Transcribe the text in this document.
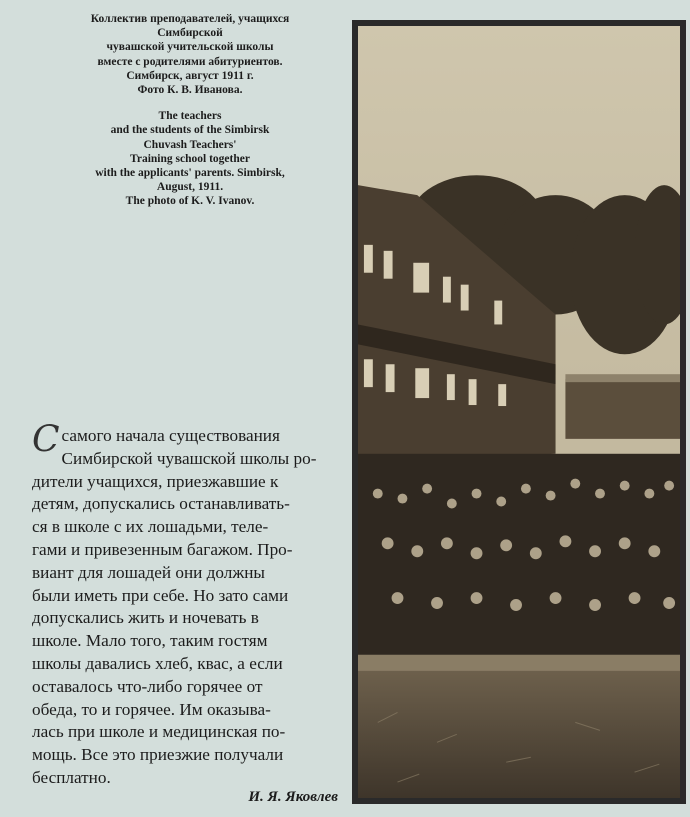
Коллектив преподавателей, учащихся
Симбирской
чувашской учительской школы
вместе с родителями абитуриентов.
Симбирск, август 1911 г.
Фото К. В. Иванова.

The teachers
and the students of the Simbirsk
Chuvash Teachers'
Training school together
with the applicants' parents. Simbirsk,
August, 1911.
The photo of K. V. Ivanov.

С самого начала существования
Симбирской чувашской школы ро-
дители учащихся, приезжавшие к
детям, допускались останавливать-
ся в школе с их лошадьми, теле-
гами и привезенным багажом. Про-
виант для лошадей они должны
были иметь при себе. Но зато сами
допускались жить и ночевать в
школе. Мало того, таким гостям
школы давались хлеб, квас, а если
оставалось что-либо горячее от
обеда, то и горячее. Им оказыва-
лась при школе и медицинская по-
мощь. Все это приезжие получали
бесплатно.
И. Я. Яковлев
